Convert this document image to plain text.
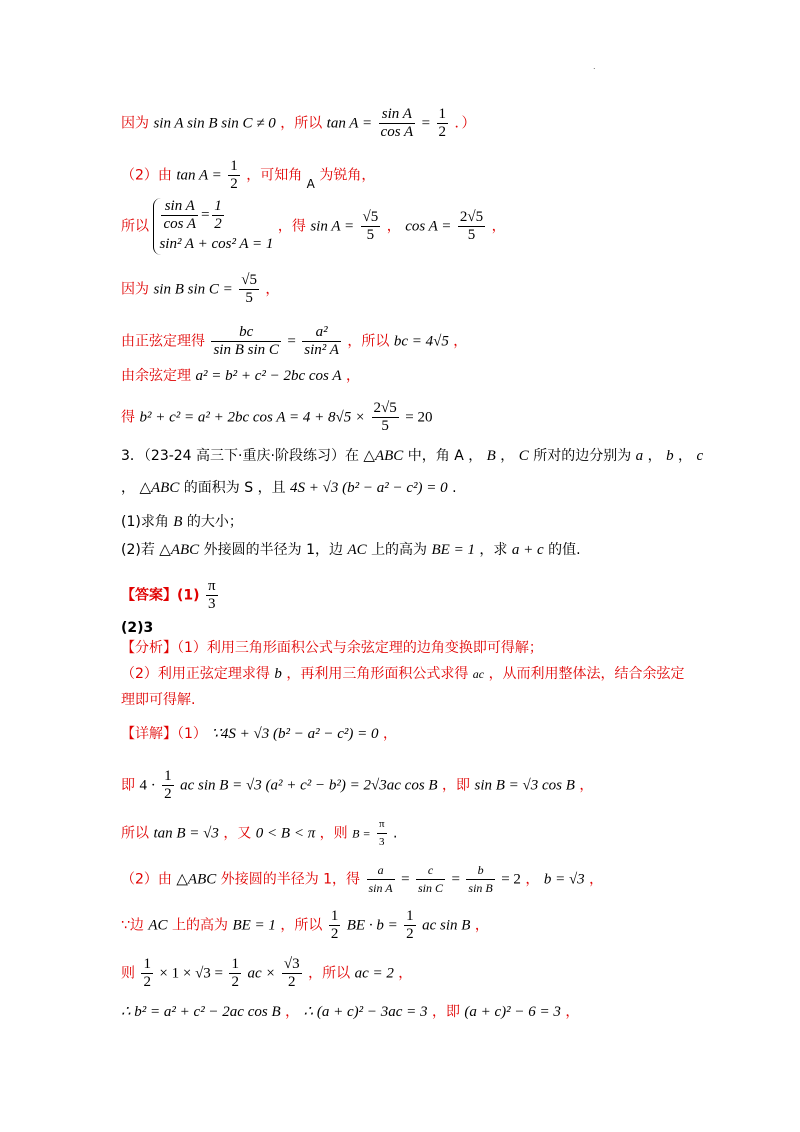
.
因为 sin A sin B sin C ≠ 0 ，所以 $\tan A = \frac{\text{sin A}}{\text{cos A}} = \frac{1}{2}$ ．）
（2）由 $\tan A = \frac{1}{2}$ ，可知角 A 为锐角，
所以 $\frac{\text{sin A}}{\text{cos A}} = \frac{1}{2}$
sin² A + cos² A = 1
，得 $\sin A = \frac{√5}{5}$ ， $\cos A = \frac{2√5}{5}$ ，
因为 sin B $\sin C = \frac{√5}{5}$ ，
由正弦定理得 $\frac{bc}{\text{sin B sin C}} = \frac{\text{a²}}{\text{sin² A}}$ ，所以 bc = 4√5 ，
由余弦定理 a² = b² + c² − 2bc cos A ，
得 b² + c² = a² + 2bc $\cos A = 4 + 8√5 \times \frac{2√5}{5} = 20$
3．（23-24 高三下·重庆·阶段练习）在 △ABC 中，角 A ， B ， C 所对的边分别为 a ， b ， c
， △ABC 的面积为 S ，且 4S + √3 (b² − a² − c²) = 0 .
(1)求角 B 的大小；
(2)若 △ABC 外接圆的半径为 1，边 AC 上的高为 BE = 1 ，求 a + c 的值.
【答案】$(1) \frac{\pi}{3}$
(2)3
【分析】（1）利用三角形面积公式与余弦定理的边角变换即可得解；
（2）利用正弦定理求得 b ，再利用三角形面积公式求得 ac ，从而利用整体法，结合余弦定
理即可得解.
【详解】（1） ∵4S + √3 (b² − a² − c²) = 0 ，
即 $4 \cdot \frac{1}{2}$ ac sin B = √3 (a² + c² − b²) = 2√3ac cos B ，即 sin B = √3 cos B ，
所以 tan B = √3 ，又 0 < B < π ，则 $B = \frac{\pi}{3}$ .
（2）由 △ABC 外接圆的半径为 1，得 $\frac{a}{\text{sin A}} = \frac{c}{\text{sin C}} = \frac{b}{\text{sin B}} = 2$ ， b = √3 ，
∵边 AC 上的高为 BE = 1 ，所以 $\frac{1}{2}$ BE · $b = \frac{1}{2}$ ac sin B ，
则 $\frac{1}{2} \times 1 \times √3 = \frac{1}{2}$ ac × $\frac{√3}{2}$ ，所以 ac = 2 ，
∴ b² = a² + c² − 2ac cos B ， ∴ (a + c)² − 3ac = 3 ，即 (a + c)² − 6 = 3 ，
